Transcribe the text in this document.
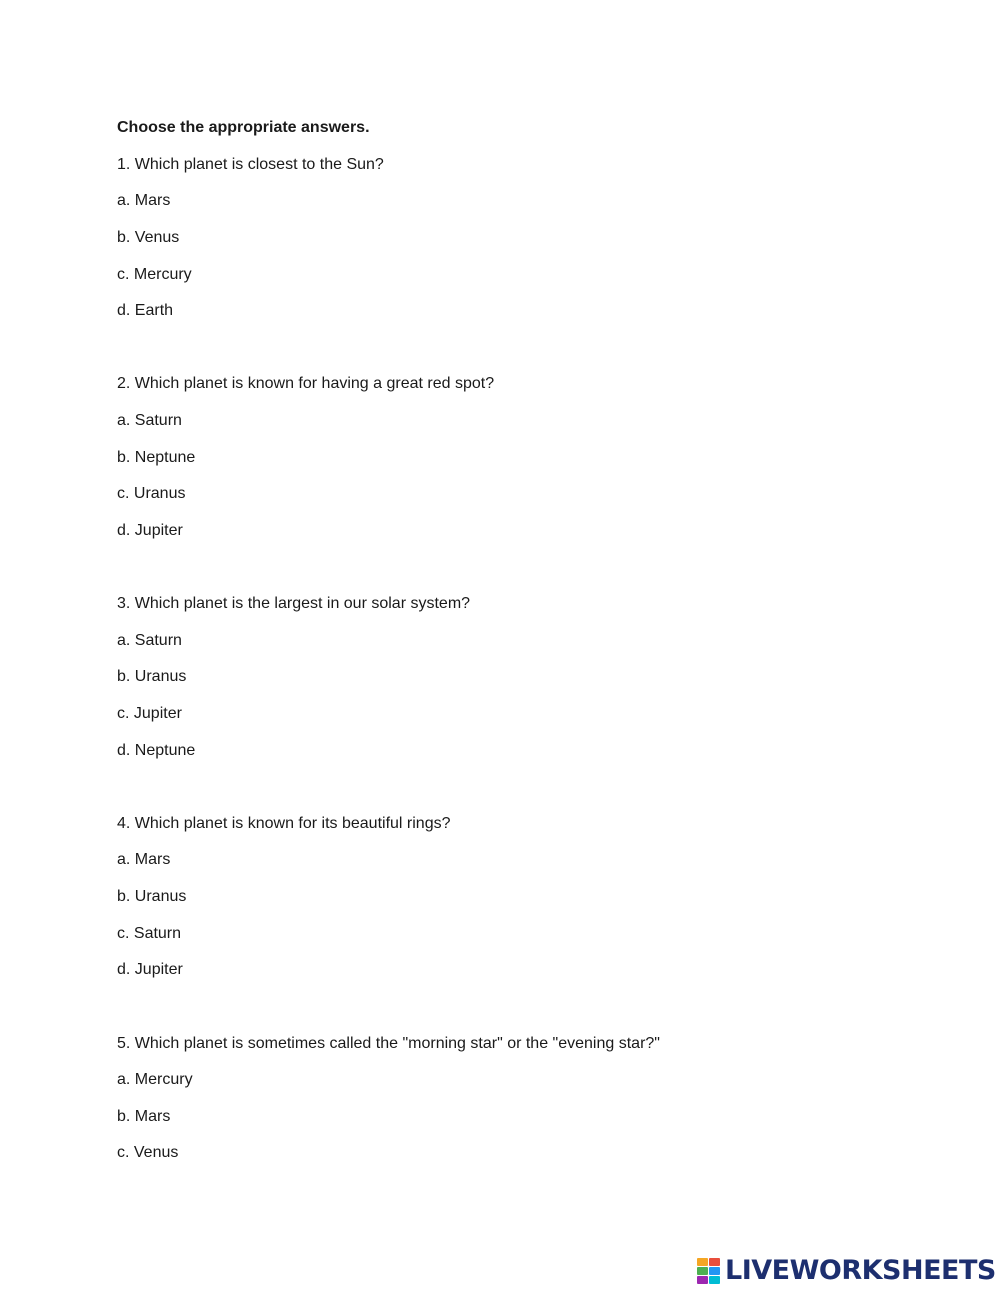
Choose the appropriate answers.
1. Which planet is closest to the Sun?
a. Mars
b. Venus
c. Mercury
d. Earth
2. Which planet is known for having a great red spot?
a. Saturn
b. Neptune
c. Uranus
d. Jupiter
3. Which planet is the largest in our solar system?
a. Saturn
b. Uranus
c. Jupiter
d. Neptune
4. Which planet is known for its beautiful rings?
a. Mars
b. Uranus
c. Saturn
d. Jupiter
5. Which planet is sometimes called the "morning star" or the "evening star?"
a. Mercury
b. Mars
c. Venus
LIVEWORKSHEETS
